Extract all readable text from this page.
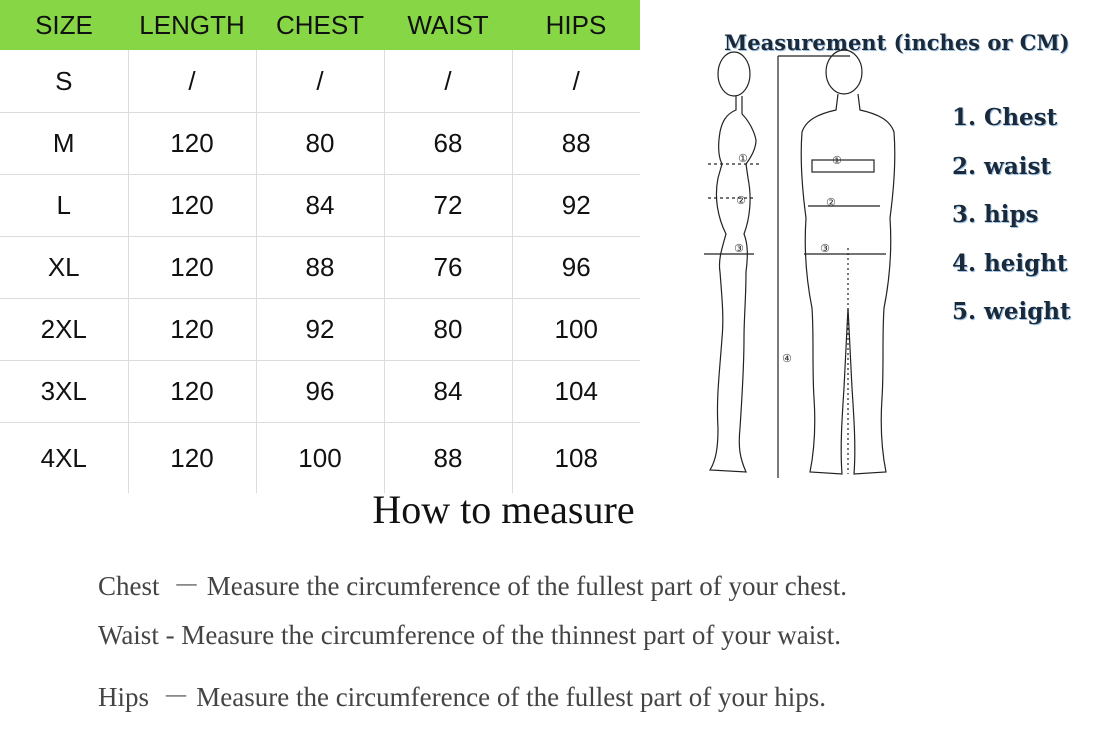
SIZE	LENGTH	CHEST	WAIST	HIPS
S	/	/	/	/
M	120	80	68	88
L	120	84	72	92
XL	120	88	76	96
2XL	120	92	80	100
3XL	120	96	84	104
4XL	120	100	88	108
Measurement (inches or CM)
①
②
③
④
①
②
③
1. Chest
2. waist
3. hips
4. height
5. weight
How to measure
Chest  － Measure the circumference of the fullest part of your chest.
Waist - Measure the circumference of the thinnest part of your waist.
Hips  － Measure the circumference of the fullest part of your hips.
